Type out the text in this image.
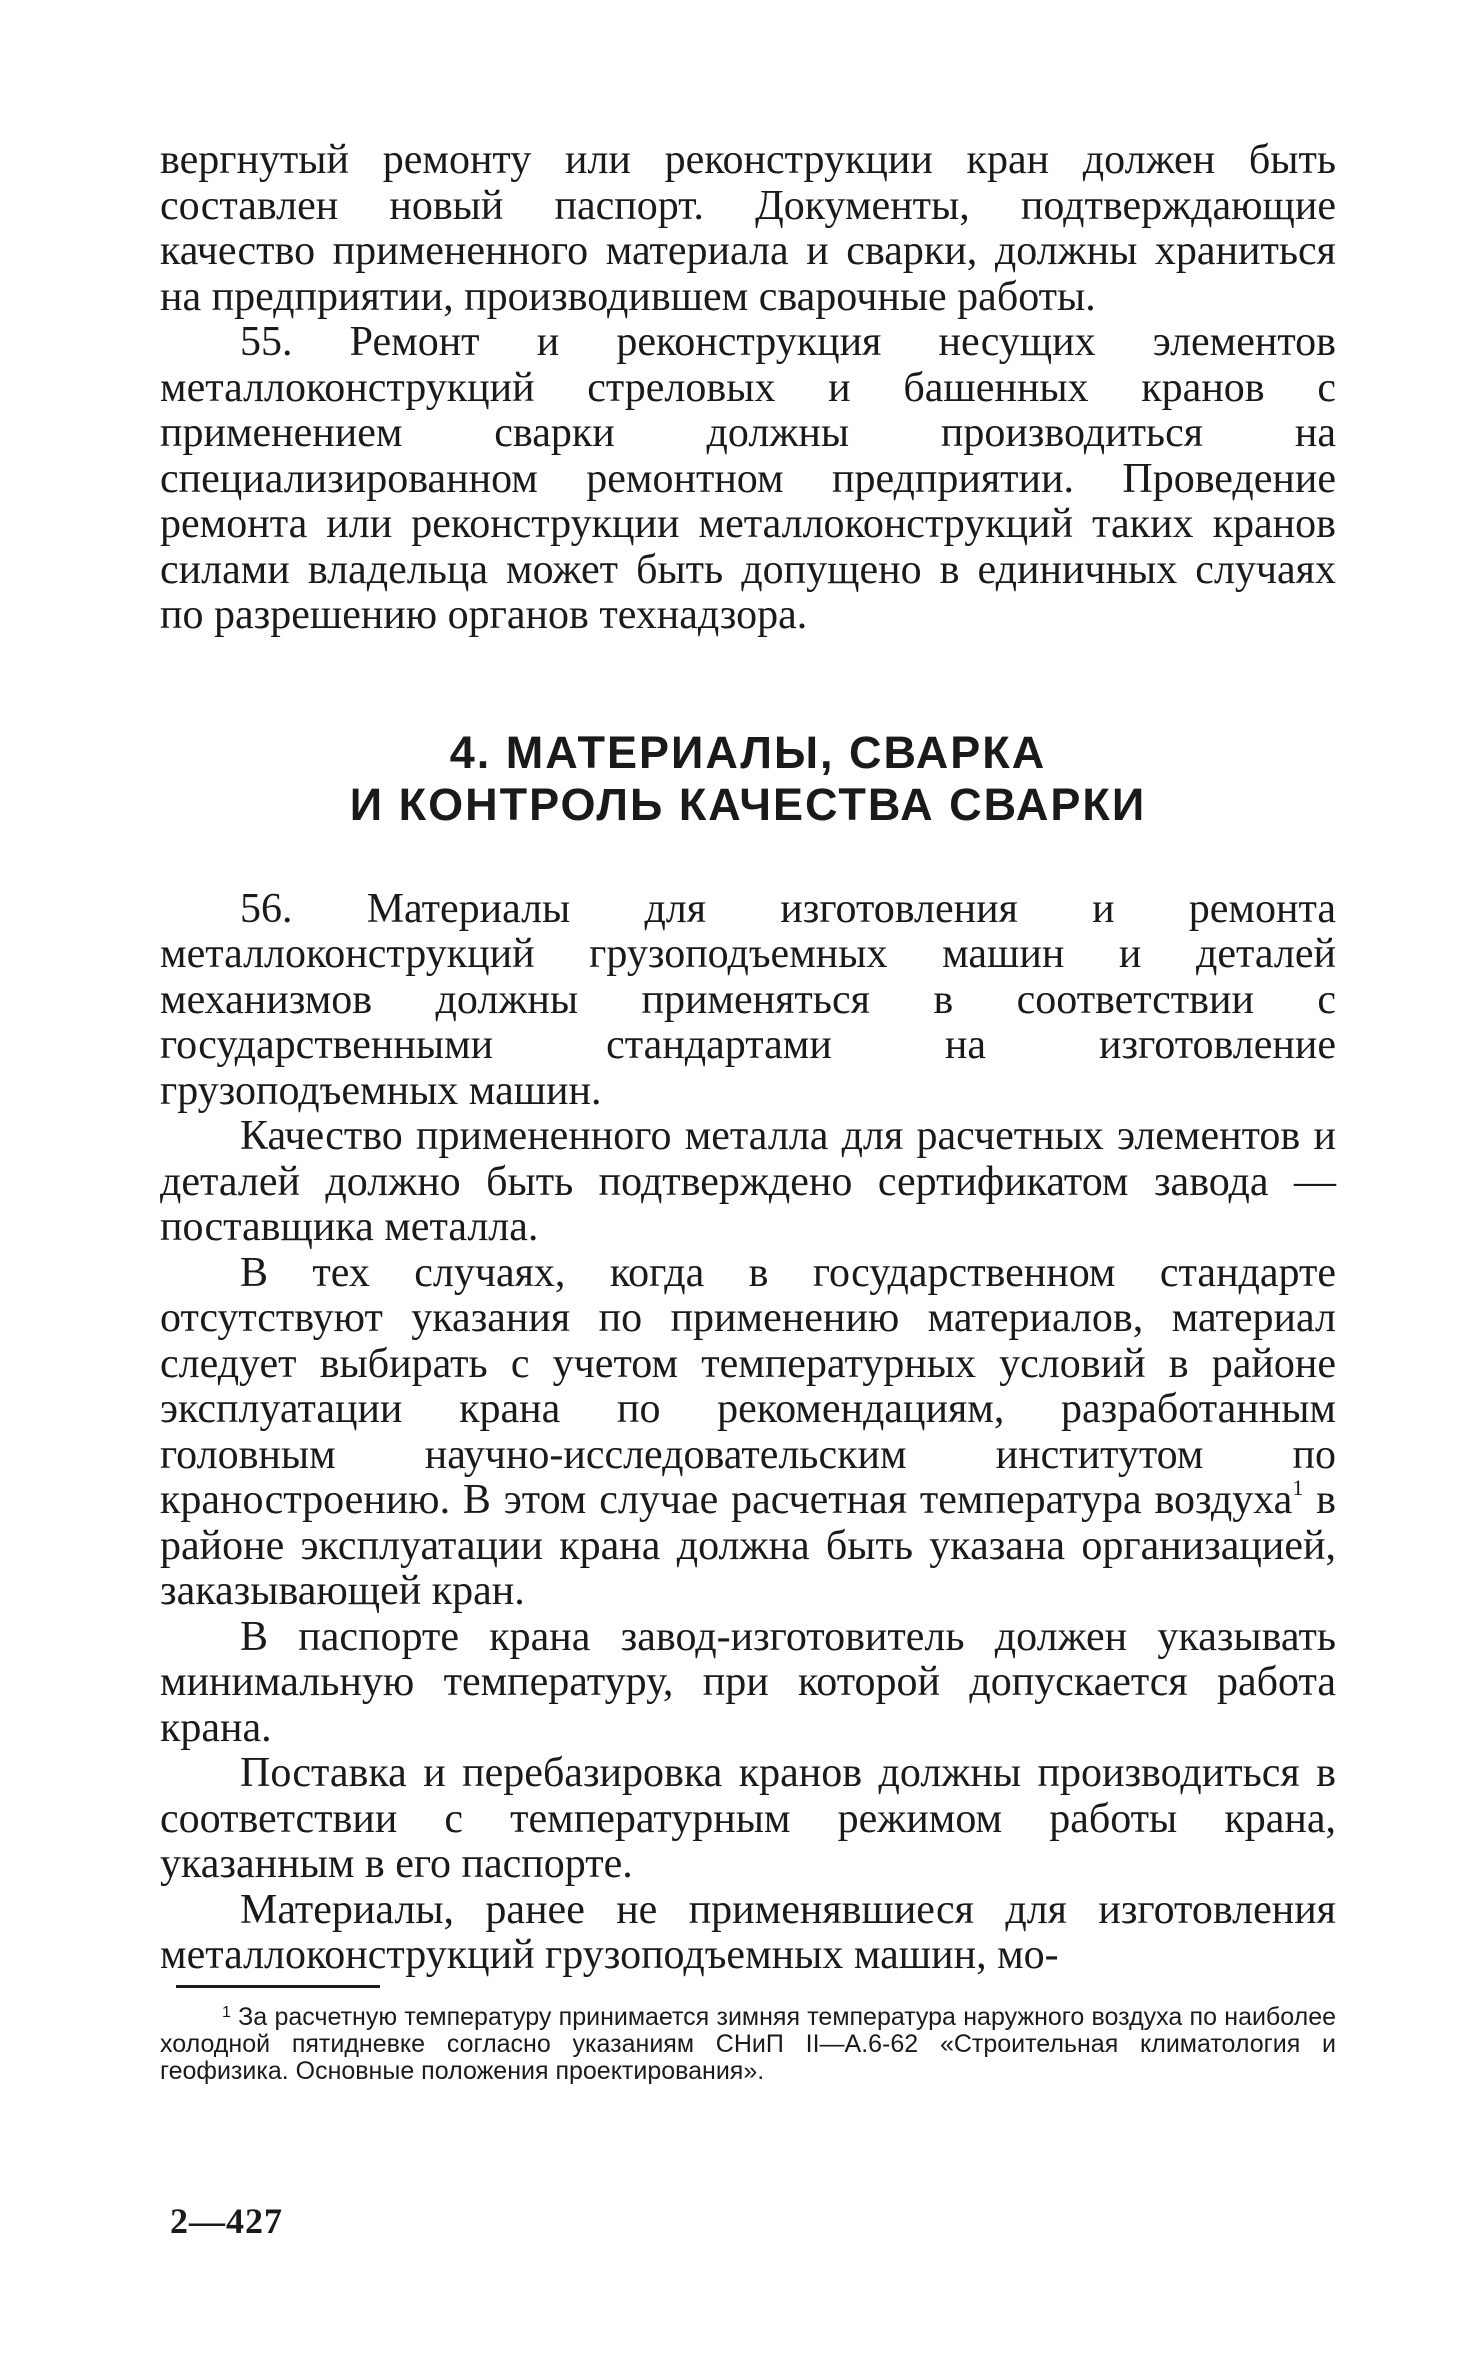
вергнутый ремонту или реконструкции кран должен быть составлен новый паспорт. Документы, подтверждающие качество примененного материала и сварки, должны храниться на предприятии, производившем сварочные работы.

55. Ремонт и реконструкция несущих элементов металлоконструкций стреловых и башенных кранов с применением сварки должны производиться на специализированном ремонтном предприятии. Проведение ремонта или реконструкции металлоконструкций таких кранов силами владельца может быть допущено в единичных случаях по разрешению органов технадзора.

4. МАТЕРИАЛЫ, СВАРКА
И КОНТРОЛЬ КАЧЕСТВА СВАРКИ

56. Материалы для изготовления и ремонта металлоконструкций грузоподъемных машин и деталей механизмов должны применяться в соответствии с государственными стандартами на изготовление грузоподъемных машин.

Качество примененного металла для расчетных элементов и деталей должно быть подтверждено сертификатом завода — поставщика металла.

В тех случаях, когда в государственном стандарте отсутствуют указания по применению материалов, материал следует выбирать с учетом температурных условий в районе эксплуатации крана по рекомендациям, разработанным головным научно-исследовательским институтом по краностроению. В этом случае расчетная температура воздуха$^1$ в районе эксплуатации крана должна быть указана организацией, заказывающей кран.

В паспорте крана завод-изготовитель должен указывать минимальную температуру, при которой допускается работа крана.

Поставка и перебазировка кранов должны производиться в соответствии с температурным режимом работы крана, указанным в его паспорте.

Материалы, ранее не применявшиеся для изготовления металлоконструкций грузоподъемных машин, мо-

$^1$ За расчетную температуру принимается зимняя температура наружного воздуха по наиболее холодной пятидневке согласно указаниям СНиП II—А.6-62 «Строительная климатология и геофизика. Основные положения проектирования».

2—427
